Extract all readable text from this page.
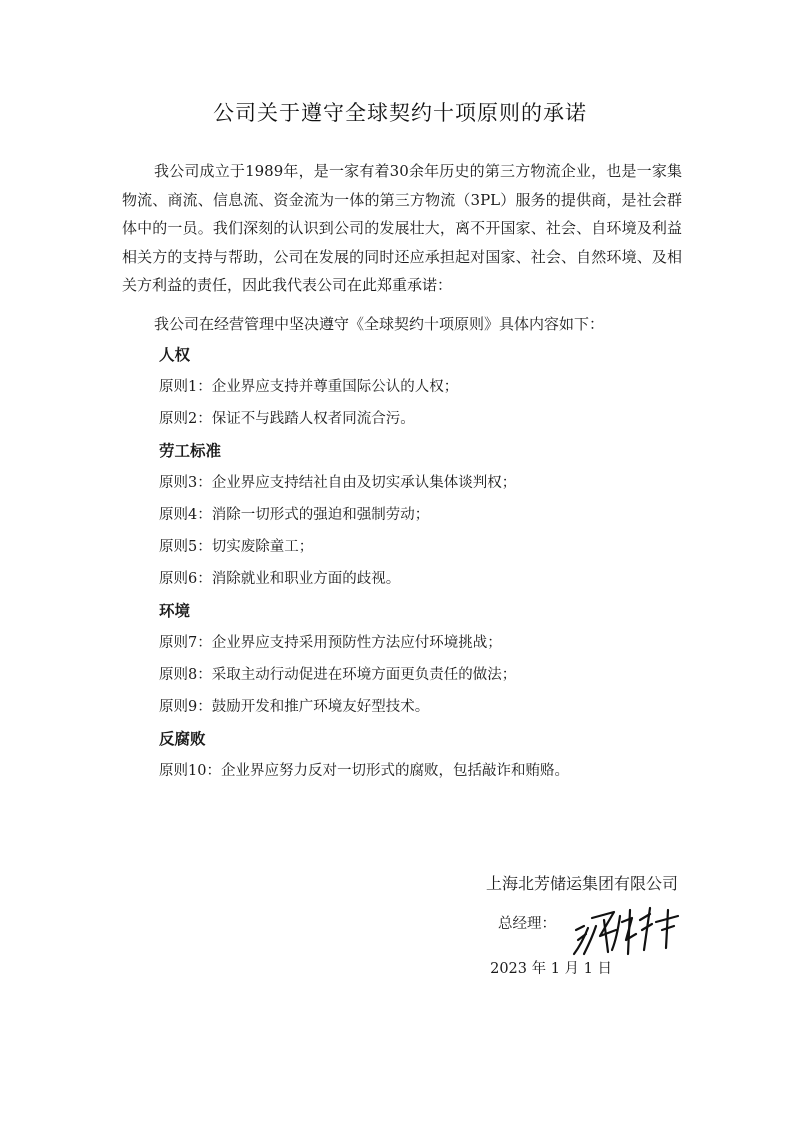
公司关于遵守全球契约十项原则的承诺

我公司成立于1989年，是一家有着30余年历史的第三方物流企业，也是一家集物流、商流、信息流、资金流为一体的第三方物流（3PL）服务的提供商，是社会群体中的一员。我们深刻的认识到公司的发展壮大，离不开国家、社会、自环境及利益相关方的支持与帮助，公司在发展的同时还应承担起对国家、社会、自然环境、及相关方利益的责任，因此我代表公司在此郑重承诺：

我公司在经营管理中坚决遵守《全球契约十项原则》具体内容如下：

人权
原则1：企业界应支持并尊重国际公认的人权；
原则2：保证不与践踏人权者同流合污。
劳工标准
原则3：企业界应支持结社自由及切实承认集体谈判权；
原则4：消除一切形式的强迫和强制劳动；
原则5：切实废除童工；
原则6：消除就业和职业方面的歧视。
环境
原则7：企业界应支持采用预防性方法应付环境挑战；
原则8：采取主动行动促进在环境方面更负责任的做法；
原则9：鼓励开发和推广环境友好型技术。
反腐败
原则10：企业界应努力反对一切形式的腐败，包括敲诈和贿赂。
上海北芳储运集团有限公司
总经理：
2023 年 1 月 1 日
